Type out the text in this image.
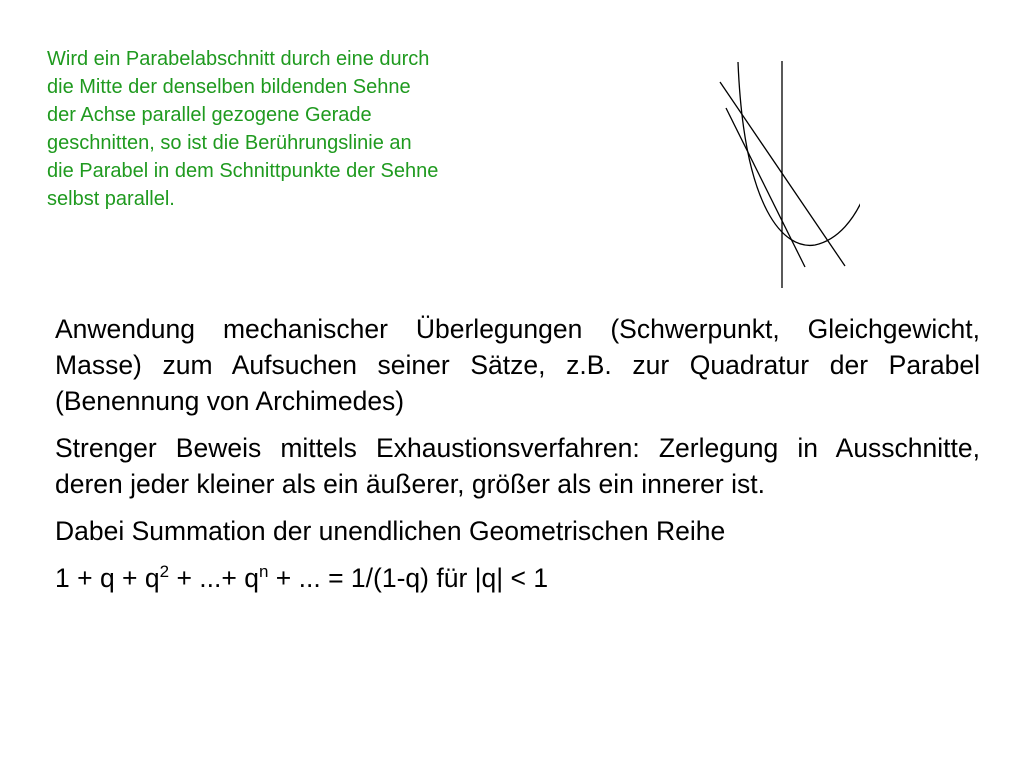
Wird ein Parabelabschnitt durch eine durch
die Mitte der denselben bildenden Sehne
der Achse parallel gezogene Gerade
geschnitten, so ist die Berührungslinie an
die Parabel in dem Schnittpunkte der Sehne
selbst parallel.

Anwendung mechanischer Überlegungen (Schwerpunkt, Gleichgewicht, Masse) zum Aufsuchen seiner Sätze, z.B. zur Quadratur der Parabel (Benennung von Archimedes)

Strenger Beweis mittels Exhaustionsverfahren: Zerlegung in Ausschnitte, deren jeder kleiner als ein äußerer, größer als ein innerer ist.

Dabei Summation der unendlichen Geometrischen Reihe

$1 + q + q^2$ + ...+ $q^n$ + ... = 1/(1-q) für |q| < 1
